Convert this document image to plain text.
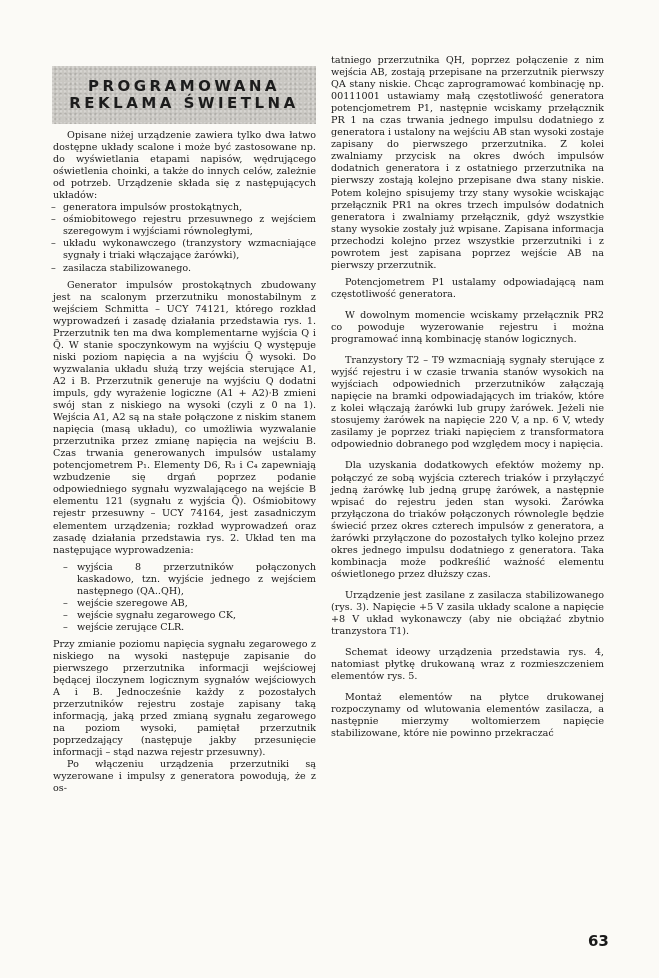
PROGRAMOWANA
REKLAMA ŚWIETLNA

Opisane niżej urządzenie zawiera tylko dwa łatwo dostępne układy scalone i może być zastosowane np. do wyświetlania etapami napisów, wędrującego oświetlenia choinki, a także do innych celów, zależnie od potrzeb. Urządzenie składa się z następujących układów:

– generatora impulsów prostokątnych,
– ośmiobitowego rejestru przesuwnego z wejściem szeregowym i wyjściami równoległymi,
– układu wykonawczego (tranzystory wzmacniające sygnały i triaki włączające żarówki),
– zasilacza stabilizowanego.

Generator impulsów prostokątnych zbudowany jest na scalonym przerzutniku monostabilnym z wejściem Schmitta – UCY 74121, którego rozkład wyprowadzeń i zasadę działania przedstawia rys. 1. Przerzutnik ten ma dwa komplementarne wyjścia Q i Q̄. W stanie spoczynkowym na wyjściu Q występuje niski poziom napięcia a na wyjściu Q̄ wysoki. Do wyzwalania układu służą trzy wejścia sterujące A1, A2 i B. Przerzutnik generuje na wyjściu Q dodatni impuls, gdy wyrażenie logiczne (A1 + A2)·B zmieni swój stan z niskiego na wysoki (czyli z 0 na 1). Wejścia A1, A2 są na stałe połączone z niskim stanem napięcia (masą układu), co umożliwia wyzwalanie przerzutnika przez zmianę napięcia na wejściu B. Czas trwania generowanych impulsów ustalamy potencjometrem P₁. Elementy D6, R₃ i C₄ zapewniają wzbudzenie się drgań poprzez podanie odpowiedniego sygnału wyzwalającego na wejście B elementu 121 (sygnału z wyjścia Q̄). Ośmiobitowy rejestr przesuwny – UCY 74164, jest zasadniczym elementem urządzenia; rozkład wyprowadzeń oraz zasadę działania przedstawia rys. 2. Układ ten ma następujące wyprowadzenia:

– wyjścia 8 przerzutników połączonych kaskadowo, tzn. wyjście jednego z wejściem następnego (QA..QH),
– wejście szeregowe AB,
– wejście sygnału zegarowego CK,
– wejście zerujące CLR.

Przy zmianie poziomu napięcia sygnału zegarowego z niskiego na wysoki następuje zapisanie do pierwszego przerzutnika informacji wejściowej będącej iloczynem logicznym sygnałów wejściowych A i B. Jednocześnie każdy z pozostałych przerzutników rejestru zostaje zapisany taką informacją, jaką przed zmianą sygnału zegarowego na poziom wysoki, pamiętał przerzutnik poprzedzający (następuje jakby przesunięcie informacji – stąd nazwa rejestr przesuwny).

Po włączeniu urządzenia przerzutniki są wyzerowane i impulsy z generatora powodują, że z os-

tatniego przerzutnika QH, poprzez połączenie z nim wejścia AB, zostają przepisane na przerzutnik pierwszy QA stany niskie. Chcąc zaprogramować kombinację np. 00111001 ustawiamy małą częstotliwość generatora potencjometrem P1, następnie wciskamy przełącznik PR 1 na czas trwania jednego impulsu dodatniego z generatora i ustalony na wejściu AB stan wysoki zostaje zapisany do pierwszego przerzutnika. Z kolei zwalniamy przycisk na okres dwóch impulsów dodatnich generatora i z ostatniego przerzutnika na pierwszy zostają kolejno przepisane dwa stany niskie. Potem kolejno spisujemy trzy stany wysokie wciskając przełącznik PR1 na okres trzech impulsów dodatnich generatora i zwalniamy przełącznik, gdyż wszystkie stany wysokie zostały już wpisane. Zapisana informacja przechodzi kolejno przez wszystkie przerzutniki i z powrotem jest zapisana poprzez wejście AB na pierwszy przerzutnik.

Potencjometrem P1 ustalamy odpowiadającą nam częstotliwość generatora.

W dowolnym momencie wciskamy przełącznik PR2 co powoduje wyzerowanie rejestru i można programować inną kombinację stanów logicznych.

Tranzystory T2 – T9 wzmacniają sygnały sterujące z wyjść rejestru i w czasie trwania stanów wysokich na wyjściach odpowiednich przerzutników załączają napięcie na bramki odpowiadających im triaków, które z kolei włączają żarówki lub grupy żarówek. Jeżeli nie stosujemy żarówek na napięcie 220 V, a np. 6 V, wtedy zasilamy je poprzez triaki napięciem z transformatora odpowiednio dobranego pod względem mocy i napięcia.

Dla uzyskania dodatkowych efektów możemy np. połączyć ze sobą wyjścia czterech triaków i przyłączyć jedną żarówkę lub jedną grupę żarówek, a następnie wpisać do rejestru jeden stan wysoki. Żarówka przyłączona do triaków połączonych równolegle będzie świecić przez okres czterech impulsów z generatora, a żarówki przyłączone do pozostałych tylko kolejno przez okres jednego impulsu dodatniego z generatora. Taka kombinacja może podkreślić ważność elementu oświetlonego przez dłuższy czas.

Urządzenie jest zasilane z zasilacza stabilizowanego (rys. 3). Napięcie +5 V zasila układy scalone a napięcie +8 V układ wykonawczy (aby nie obciążać zbytnio tranzystora T1).

Schemat ideowy urządzenia przedstawia rys. 4, natomiast płytkę drukowaną wraz z rozmieszczeniem elementów rys. 5.

Montaż elementów na płytce drukowanej rozpoczynamy od wlutowania elementów zasilacza, a następnie mierzymy woltomierzem napięcie stabilizowane, które nie powinno przekraczać

63
